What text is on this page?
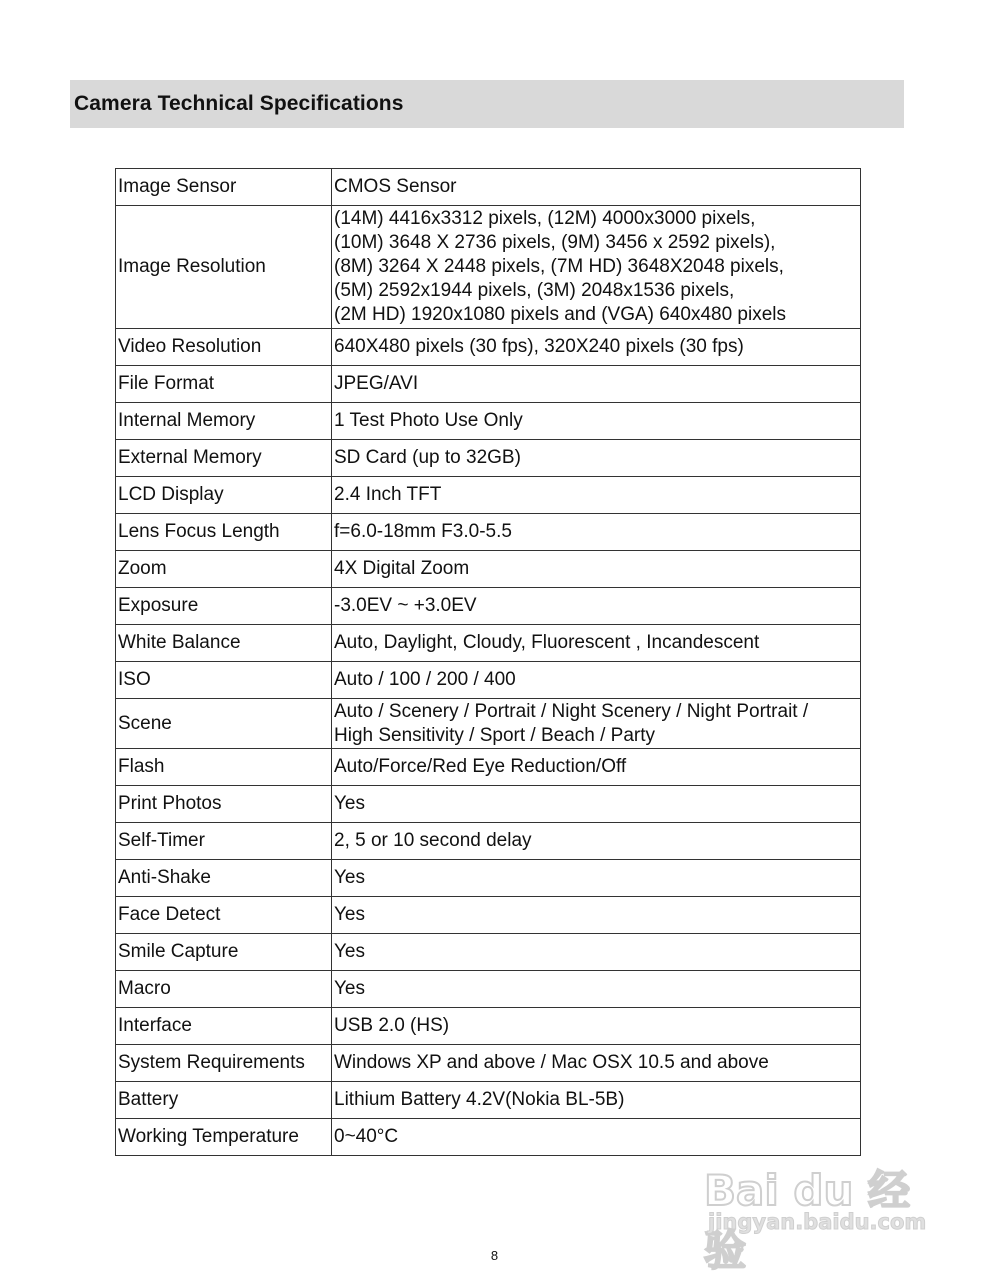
Camera Technical Specifications
Image Sensor	CMOS Sensor
Image Resolution	(14M) 4416x3312 pixels, (12M) 4000x3000 pixels,
(10M) 3648 X 2736 pixels, (9M) 3456 x 2592 pixels),
(8M) 3264 X 2448 pixels, (7M HD) 3648X2048 pixels,
(5M) 2592x1944 pixels, (3M) 2048x1536 pixels,
(2M HD) 1920x1080 pixels and (VGA) 640x480 pixels
Video Resolution	640X480 pixels (30 fps), 320X240 pixels (30 fps)
File Format	JPEG/AVI
Internal Memory	1 Test Photo Use Only
External Memory	SD Card (up to 32GB)
LCD Display	2.4 Inch TFT
Lens Focus Length	f=6.0-18mm F3.0-5.5
Zoom	4X Digital Zoom
Exposure	-3.0EV ~ +3.0EV
White Balance	Auto, Daylight, Cloudy, Fluorescent , Incandescent
ISO	Auto / 100 / 200 / 400
Scene	Auto / Scenery / Portrait / Night Scenery / Night Portrait /
High Sensitivity / Sport / Beach / Party
Flash	Auto/Force/Red Eye Reduction/Off
Print Photos	Yes
Self-Timer	2, 5 or 10 second delay
Anti-Shake	Yes
Face Detect	Yes
Smile Capture	Yes
Macro	Yes
Interface	USB 2.0 (HS)
System Requirements	Windows XP and above / Mac OSX 10.5 and above
Battery	Lithium Battery 4.2V(Nokia BL-5B)
Working Temperature	0~40°C
Bai du 经验
jingyan.baidu.com
8
